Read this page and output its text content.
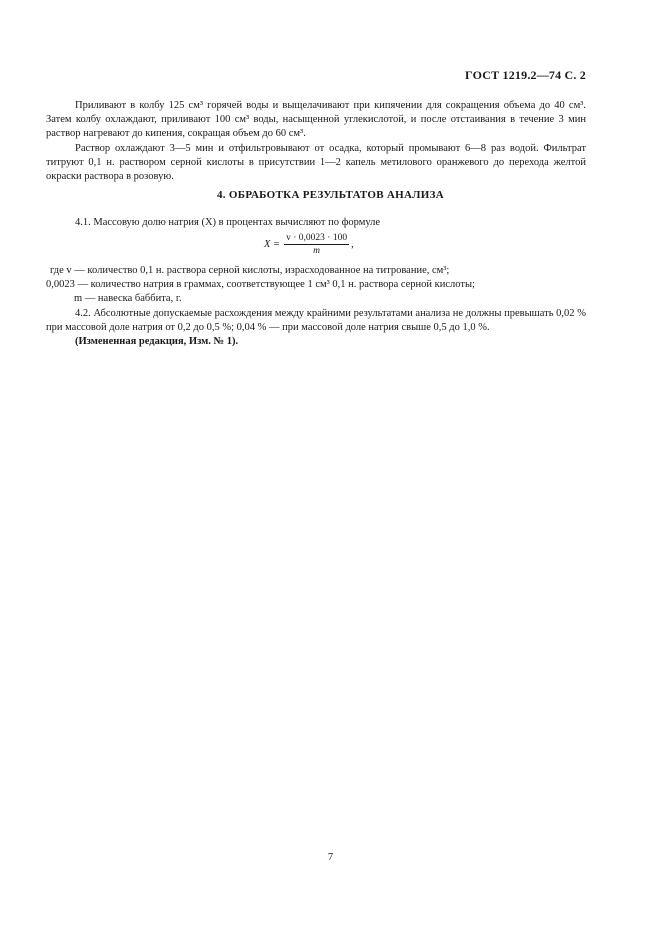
ГОСТ 1219.2—74 С. 2

Приливают в колбу 125 см³ горячей воды и выщелачивают при кипячении для сокращения объема до 40 см³. Затем колбу охлаждают, приливают 100 см³ воды, насыщенной углекислотой, и после отстаивания в течение 3 мин раствор нагревают до кипения, сокращая объем до 60 см³.

Раствор охлаждают 3—5 мин и отфильтровывают от осадка, который промывают 6—8 раз водой. Фильтрат титруют 0,1 н. раствором серной кислоты в присутствии 1—2 капель метилового оранжевого до перехода желтой окраски раствора в розовую.

4. ОБРАБОТКА РЕЗУЛЬТАТОВ АНАЛИЗА

4.1. Массовую долю натрия (X) в процентах вычисляют по формуле

$X = \frac{v \cdot 0,0023 \cdot 100}{m}$ ,

где v — количество 0,1 н. раствора серной кислоты, израсходованное на титрование, см³;

0,0023 — количество натрия в граммах, соответствующее 1 см³ 0,1 н. раствора серной кислоты;

m — навеска баббита, г.

4.2. Абсолютные допускаемые расхождения между крайними результатами анализа не должны превышать 0,02 % при массовой доле натрия от 0,2 до 0,5 %; 0,04 % — при массовой доле натрия свыше 0,5 до 1,0 %.

(Измененная редакция, Изм. № 1).

7
